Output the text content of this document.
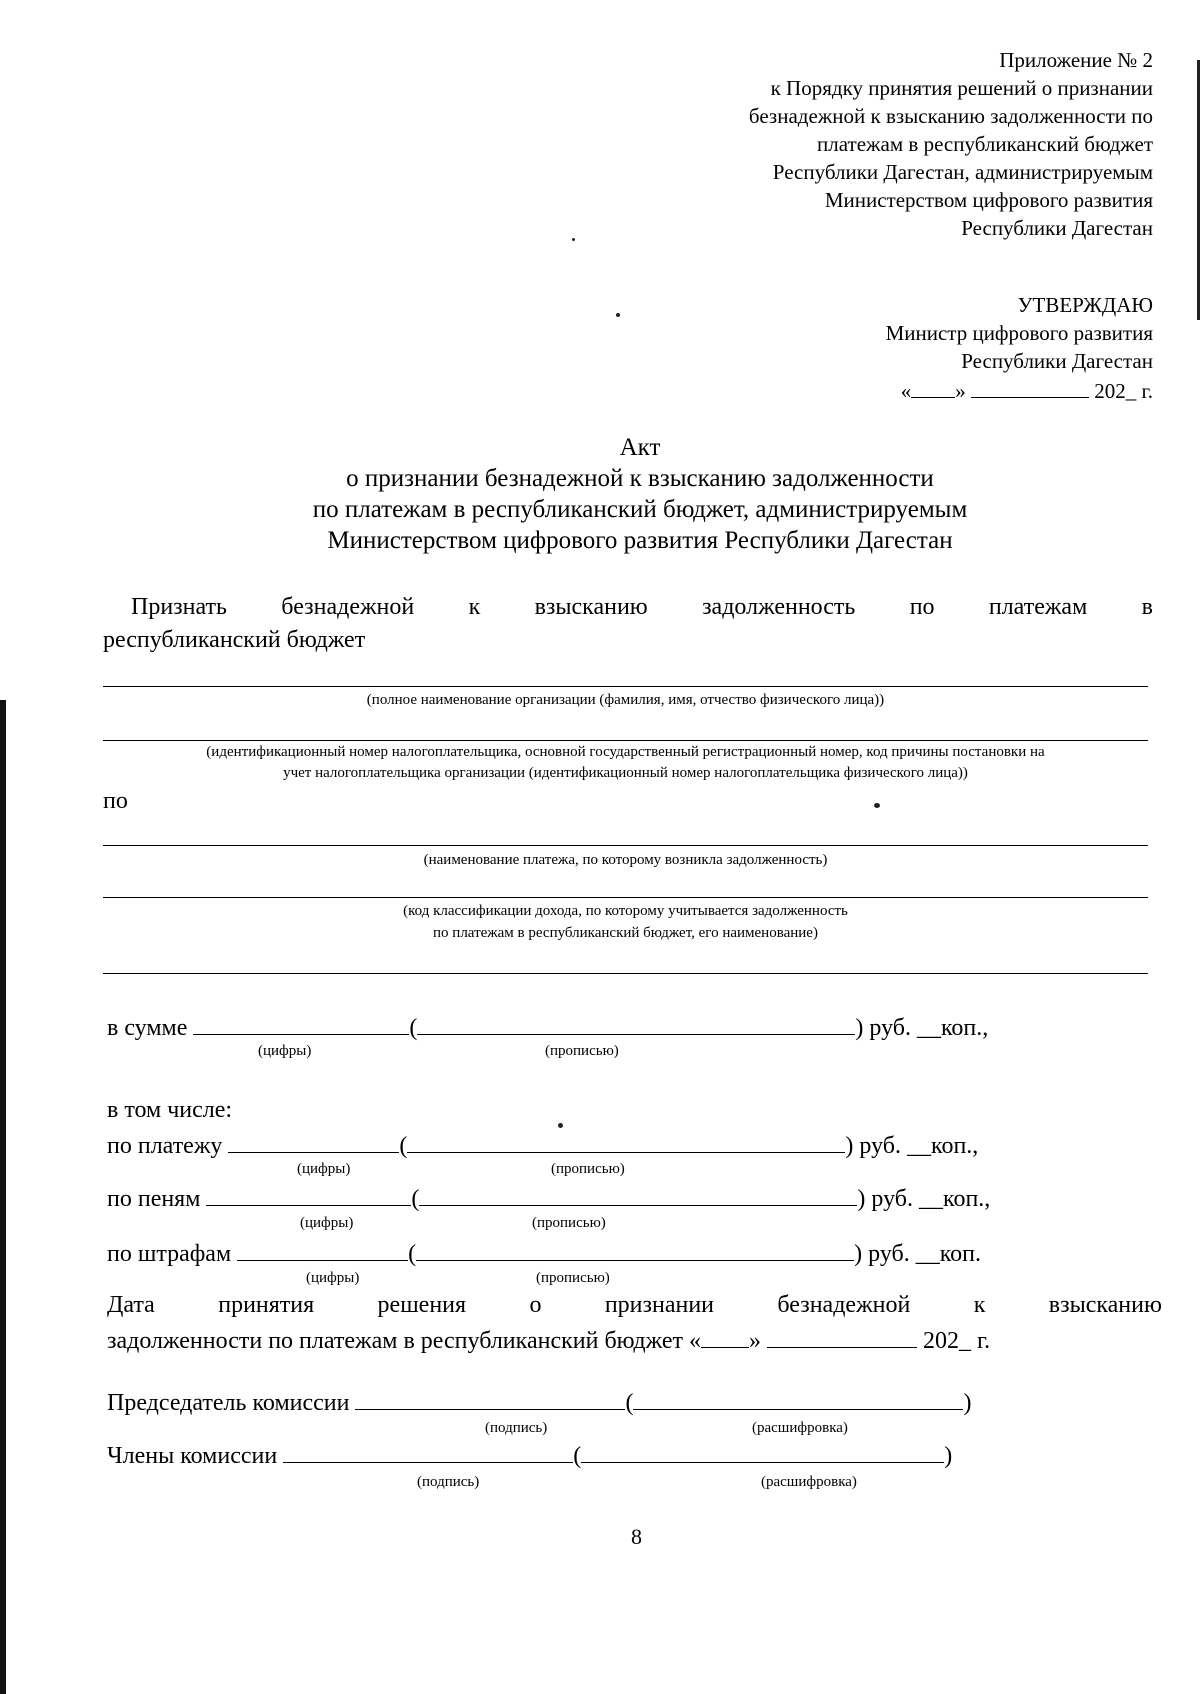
Приложение № 2
к Порядку принятия решений о признании
безнадежной к взысканию задолженности по
платежам в республиканский бюджет
Республики Дагестан, администрируемым
Министерством цифрового развития
Республики Дагестан
УТВЕРЖДАЮ
Министр цифрового развития
Республики Дагестан
« »	202_ г.
Акт
о признании безнадежной к взысканию задолженности
по платежам в республиканский бюджет, администрируемым
Министерством цифрового развития Республики Дагестан
Признать безнадежной к взысканию задолженность по платежам в
республиканский бюджет
(полное наименование организации (фамилия, имя, отчество физического лица))
(идентификационный номер налогоплательщика, основной государственный регистрационный номер, код причины постановки на
учет налогоплательщика организации (идентификационный номер налогоплательщика физического лица))
по
(наименование платежа, по которому возникла задолженность)
(код классификации дохода, по которому учитывается задолженность
по платежам в республиканский бюджет, его наименование)
в сумме	(	) руб. __коп.,
(цифры)	(прописью)
в том числе:
по платежу	(	) руб. __коп.,
(цифры)	(прописью)
по пеням	(	) руб. __коп.,
(цифры)	(прописью)
по штрафам	(	) руб. __коп.
(цифры)	(прописью)
Дата	принятия	решения	о	признании	безнадежной	к	взысканию
задолженности по платежам в республиканский бюджет « »	202_ г.
Председатель комиссии	(	)
(подпись)	(расшифровка)
Члены комиссии	(	)
(подпись)	(расшифровка)
8
